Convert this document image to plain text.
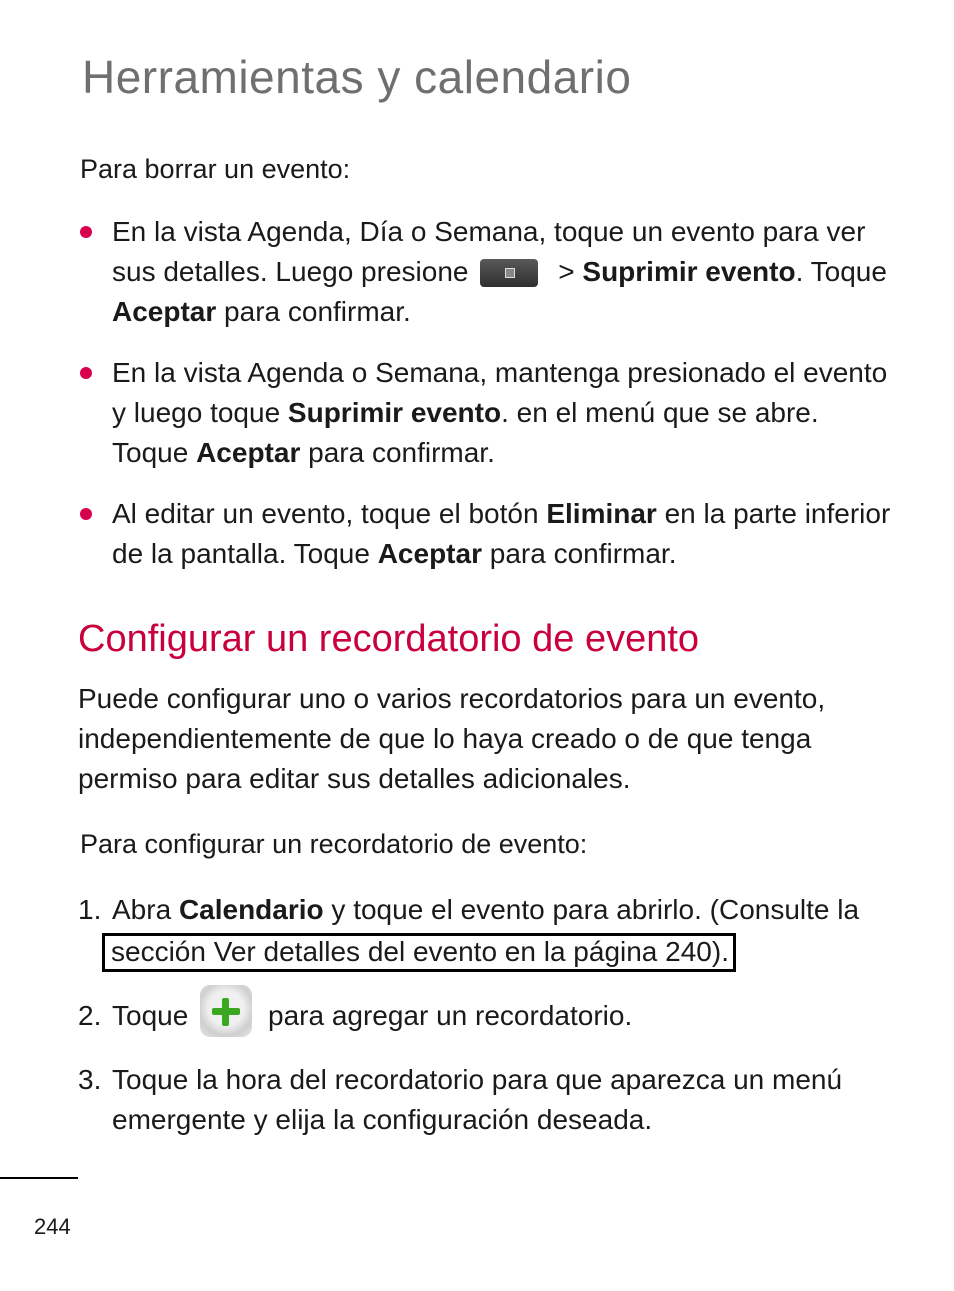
Herramientas y calendario
Para borrar un evento:
En la vista Agenda, Día o Semana, toque un evento para ver sus detalles. Luego presione	> Suprimir evento. Toque Aceptar para confirmar.
En la vista Agenda o Semana, mantenga presionado el evento y luego toque Suprimir evento. en el menú que se abre. Toque Aceptar para confirmar.
Al editar un evento, toque el botón Eliminar en la parte inferior de la pantalla. Toque Aceptar para confirmar.
Configurar un recordatorio de evento
Puede configurar uno o varios recordatorios para un evento, independientemente de que lo haya creado o de que tenga permiso para editar sus detalles adicionales.
Para configurar un recordatorio de evento:
1. Abra Calendario y toque el evento para abrirlo. (Consulte la
sección Ver detalles del evento en la página 240).
2. Toque	para agregar un recordatorio.
3. Toque la hora del recordatorio para que aparezca un menú emergente y elija la configuración deseada.
244
